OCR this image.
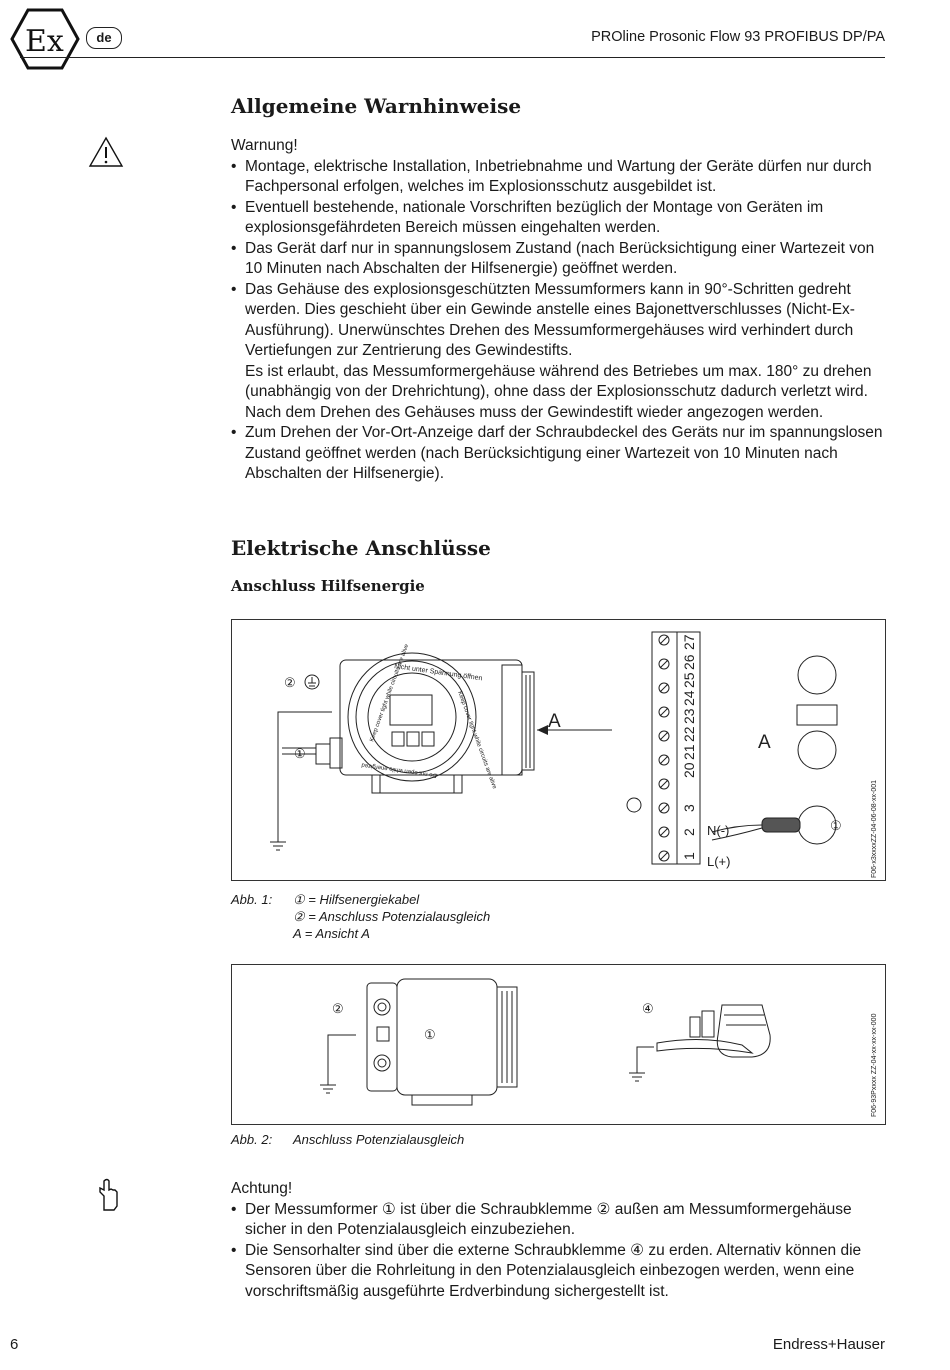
Ex	de	PROline Prosonic Flow 93 PROFIBUS DP/PA
Allgemeine Warnhinweise
Warnung!
• Montage, elektrische Installation, Inbetriebnahme und Wartung der Geräte dürfen nur durch Fachpersonal erfolgen, welches im Explosionsschutz ausgebildet ist.
• Eventuell bestehende, nationale Vorschriften bezüglich der Montage von Geräten im explosionsgefährdeten Bereich müssen eingehalten werden.
• Das Gerät darf nur in spannungslosem Zustand (nach Berücksichtigung einer Wartezeit von 10 Minuten nach Abschalten der Hilfsenergie) geöffnet werden.
• Das Gehäuse des explosionsgeschützten Messumformers kann in 90°-Schritten gedreht werden. Dies geschieht über ein Gewinde anstelle eines Bajonettverschlusses (Nicht-Ex-Ausführung). Unerwünschtes Drehen des Messumformergehäuses wird verhindert durch Vertiefungen zur Zentrierung des Gewindestifts.
Es ist erlaubt, das Messumformergehäuse während des Betriebes um max. 180° zu drehen (unabhängig von der Drehrichtung), ohne dass der Explosionsschutz dadurch verletzt wird.
Nach dem Drehen des Gehäuses muss der Gewindestift wieder angezogen werden.
• Zum Drehen der Vor-Ort-Anzeige darf der Schraubdeckel des Geräts nur im spannungslosen Zustand geöffnet werden (nach Berücksichtigung einer Wartezeit von 10 Minuten nach Abschalten der Hilfsenergie).
Elektrische Anschlüsse
Anschluss Hilfsenergie
②
①
A
A
①
N(-)
L(+)
Nicht unter Spannung öffnen
Keep cover tight while circuits are alive	Keep cover tight while circuits are alive
Do not open while energized
1
2
3
20
21
22
23
24
25
26
27
F06-x3xxxxZZ-04-06-08-xx-001
Abb. 1: ① = Hilfsenergiekabel
② = Anschluss Potenzialausgleich
A = Ansicht A
②
①
④
F06-93Pxxxx ZZ-04-xx-xx-xx-000
Abb. 2: Anschluss Potenzialausgleich
Achtung!
• Der Messumformer ① ist über die Schraubklemme ② außen am Messumformergehäuse sicher in den Potenzialausgleich einzubeziehen.
• Die Sensorhalter sind über die externe Schraubklemme ④ zu erden. Alternativ können die Sensoren über die Rohrleitung in den Potenzialausgleich einbezogen werden, wenn eine vorschriftsmäßig ausgeführte Erdverbindung sichergestellt ist.
6	Endress+Hauser
